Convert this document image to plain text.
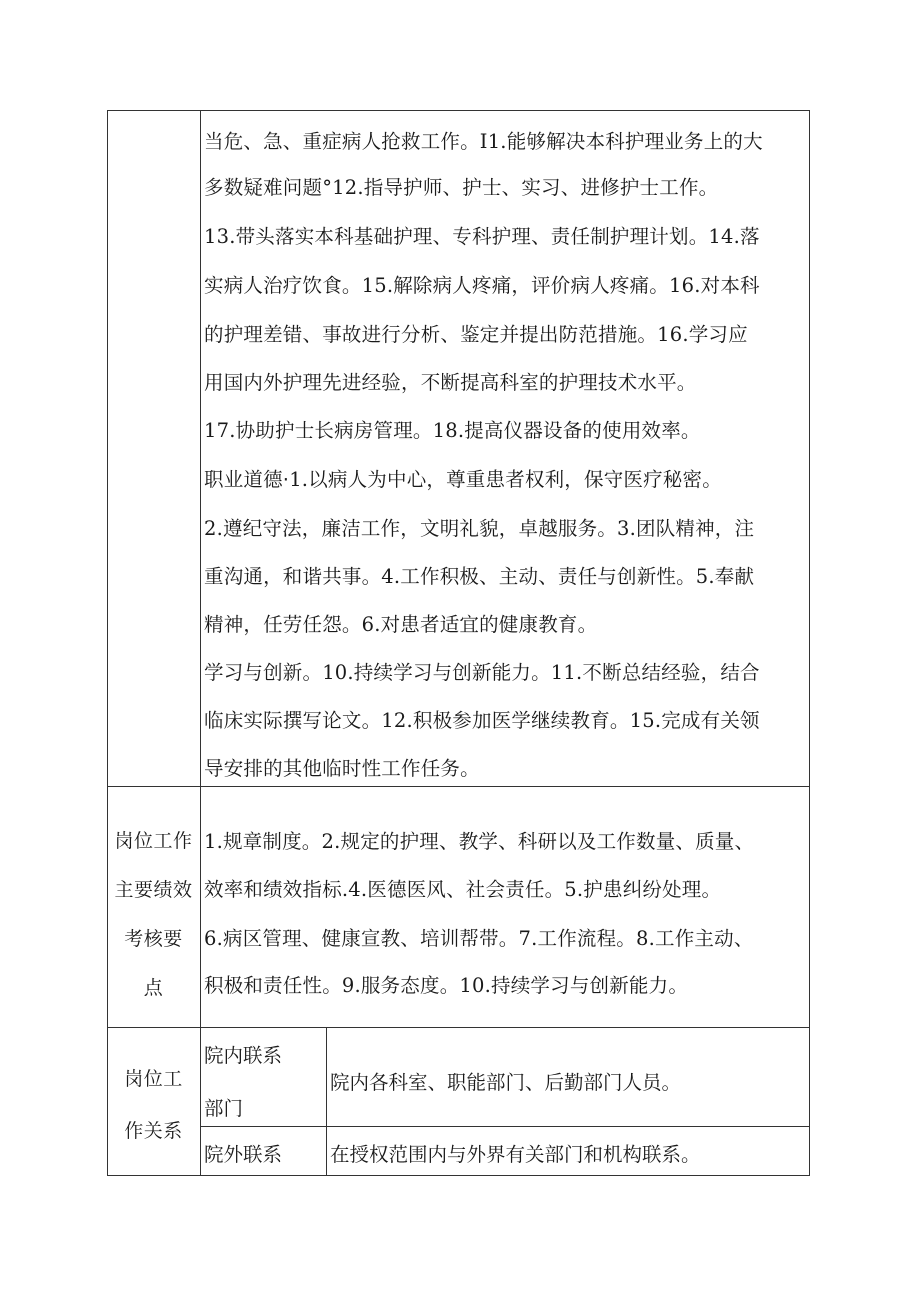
当危、急、重症病人抢救工作。I1.能够解决本科护理业务上的大
多数疑难问题°12.指导护师、护士、实习、进修护士工作。
13.带头落实本科基础护理、专科护理、责任制护理计划。14.落
实病人治疗饮食。15.解除病人疼痛，评价病人疼痛。16.对本科
的护理差错、事故进行分析、鉴定并提出防范措施。16.学习应
用国内外护理先进经验，不断提高科室的护理技术水平。
17.协助护士长病房管理。18.提高仪器设备的使用效率。
职业道德·1.以病人为中心，尊重患者权利，保守医疗秘密。
2.遵纪守法，廉洁工作，文明礼貌，卓越服务。3.团队精神，注
重沟通，和谐共事。4.工作积极、主动、责任与创新性。5.奉献
精神，任劳任怨。6.对患者适宜的健康教育。
学习与创新。10.持续学习与创新能力。11.不断总结经验，结合
临床实际撰写论文。12.积极参加医学继续教育。15.完成有关领
导安排的其他临时性工作任务。
岗位工作
主要绩效
考核要
点
1.规章制度。2.规定的护理、教学、科研以及工作数量、质量、
效率和绩效指标.4.医德医风、社会责任。5.护患纠纷处理。
6.病区管理、健康宣教、培训帮带。7.工作流程。8.工作主动、
积极和责任性。9.服务态度。10.持续学习与创新能力。
岗位工
作关系
院内联系
部门
院内各科室、职能部门、后勤部门人员。
院外联系 在授权范围内与外界有关部门和机构联系。
